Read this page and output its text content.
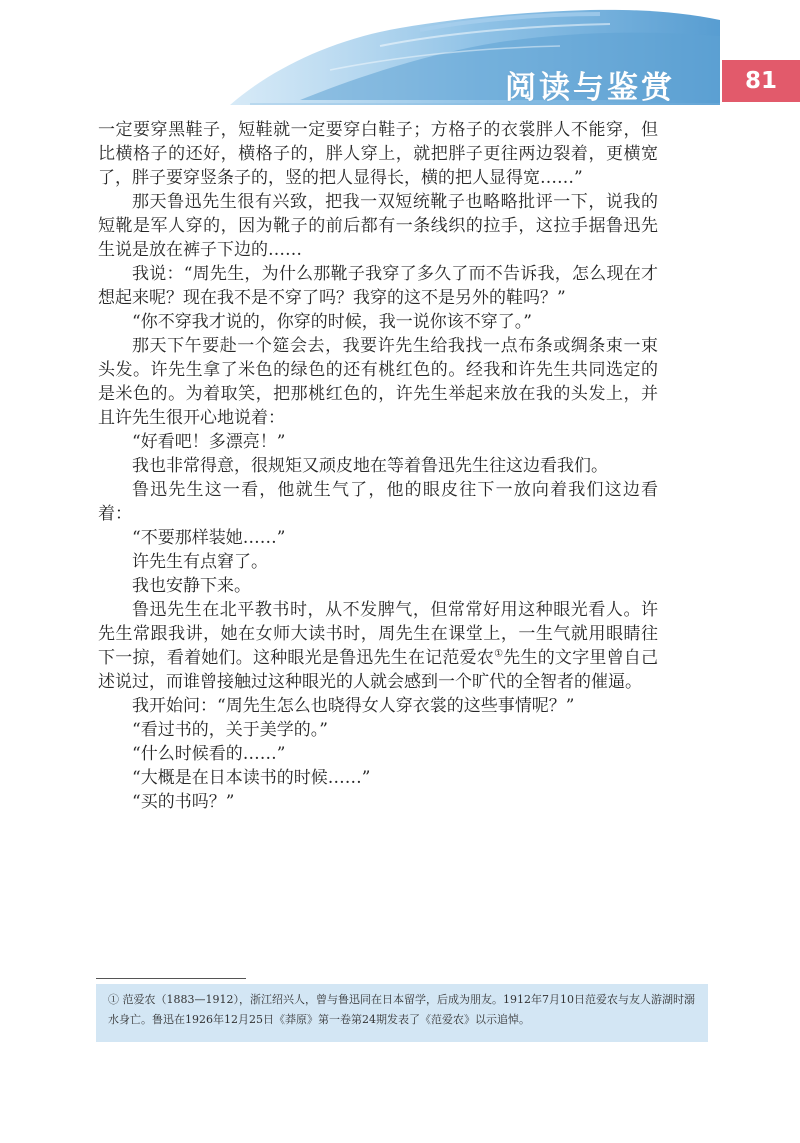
阅读与鉴赏	81

一定要穿黑鞋子，短鞋就一定要穿白鞋子；方格子的衣裳胖人不能穿，但比横格子的还好，横格子的，胖人穿上，就把胖子更往两边裂着，更横宽了，胖子要穿竖条子的，竖的把人显得长，横的把人显得宽……”

那天鲁迅先生很有兴致，把我一双短统靴子也略略批评一下，说我的短靴是军人穿的，因为靴子的前后都有一条线织的拉手，这拉手据鲁迅先生说是放在裤子下边的……

我说：“周先生，为什么那靴子我穿了多久了而不告诉我，怎么现在才想起来呢？现在我不是不穿了吗？我穿的这不是另外的鞋吗？”

“你不穿我才说的，你穿的时候，我一说你该不穿了。”

那天下午要赴一个筵会去，我要许先生给我找一点布条或绸条束一束头发。许先生拿了米色的绿色的还有桃红色的。经我和许先生共同选定的是米色的。为着取笑，把那桃红色的，许先生举起来放在我的头发上，并且许先生很开心地说着：

“好看吧！多漂亮！”

我也非常得意，很规矩又顽皮地在等着鲁迅先生往这边看我们。

鲁迅先生这一看，他就生气了，他的眼皮往下一放向着我们这边看着：

“不要那样装她……”

许先生有点窘了。

我也安静下来。

鲁迅先生在北平教书时，从不发脾气，但常常好用这种眼光看人。许先生常跟我讲，她在女师大读书时，周先生在课堂上，一生气就用眼睛往下一掠，看着她们。这种眼光是鲁迅先生在记范爱农①先生的文字里曾自己述说过，而谁曾接触过这种眼光的人就会感到一个旷代的全智者的催逼。

我开始问：“周先生怎么也晓得女人穿衣裳的这些事情呢？”

“看过书的，关于美学的。”

“什么时候看的……”

“大概是在日本读书的时候……”

“买的书吗？”

① 范爱农（1883—1912），浙江绍兴人，曾与鲁迅同在日本留学，后成为朋友。1912年7月10日范爱农与友人游湖时溺水身亡。鲁迅在1926年12月25日《莽原》第一卷第24期发表了《范爱农》以示追悼。
